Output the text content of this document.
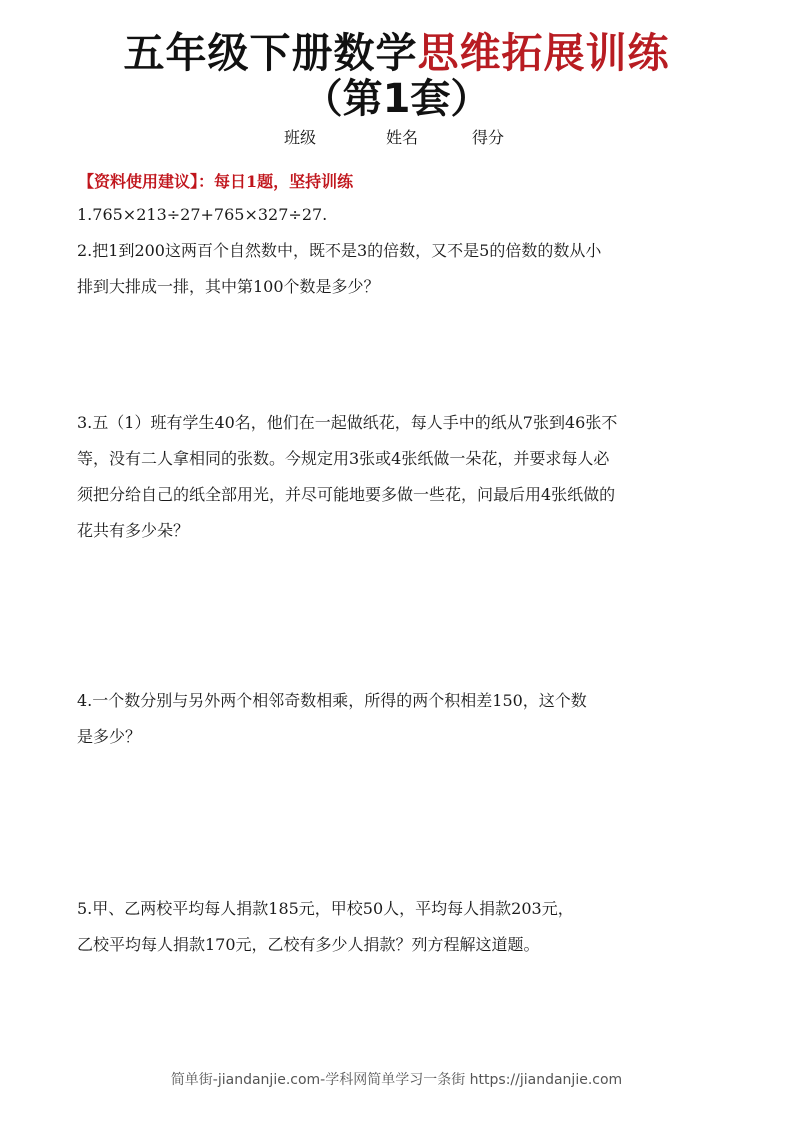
五年级下册数学思维拓展训练
（第1套）
班级	姓名	得分
【资料使用建议】：每日1题，坚持训练
1.765×213÷27+765×327÷27.
2.把1到200这两百个自然数中，既不是3的倍数，又不是5的倍数的数从小
排到大排成一排，其中第100个数是多少？
3.五（1）班有学生40名，他们在一起做纸花，每人手中的纸从7张到46张不
等，没有二人拿相同的张数。今规定用3张或4张纸做一朵花，并要求每人必
须把分给自己的纸全部用光，并尽可能地要多做一些花，问最后用4张纸做的
花共有多少朵？
4.一个数分别与另外两个相邻奇数相乘，所得的两个积相差150，这个数
是多少？
5.甲、乙两校平均每人捐款185元，甲校50人，平均每人捐款203元，
乙校平均每人捐款170元，乙校有多少人捐款？列方程解这道题。
简单街-jiandanjie.com-学科网简单学习一条街 https://jiandanjie.com
